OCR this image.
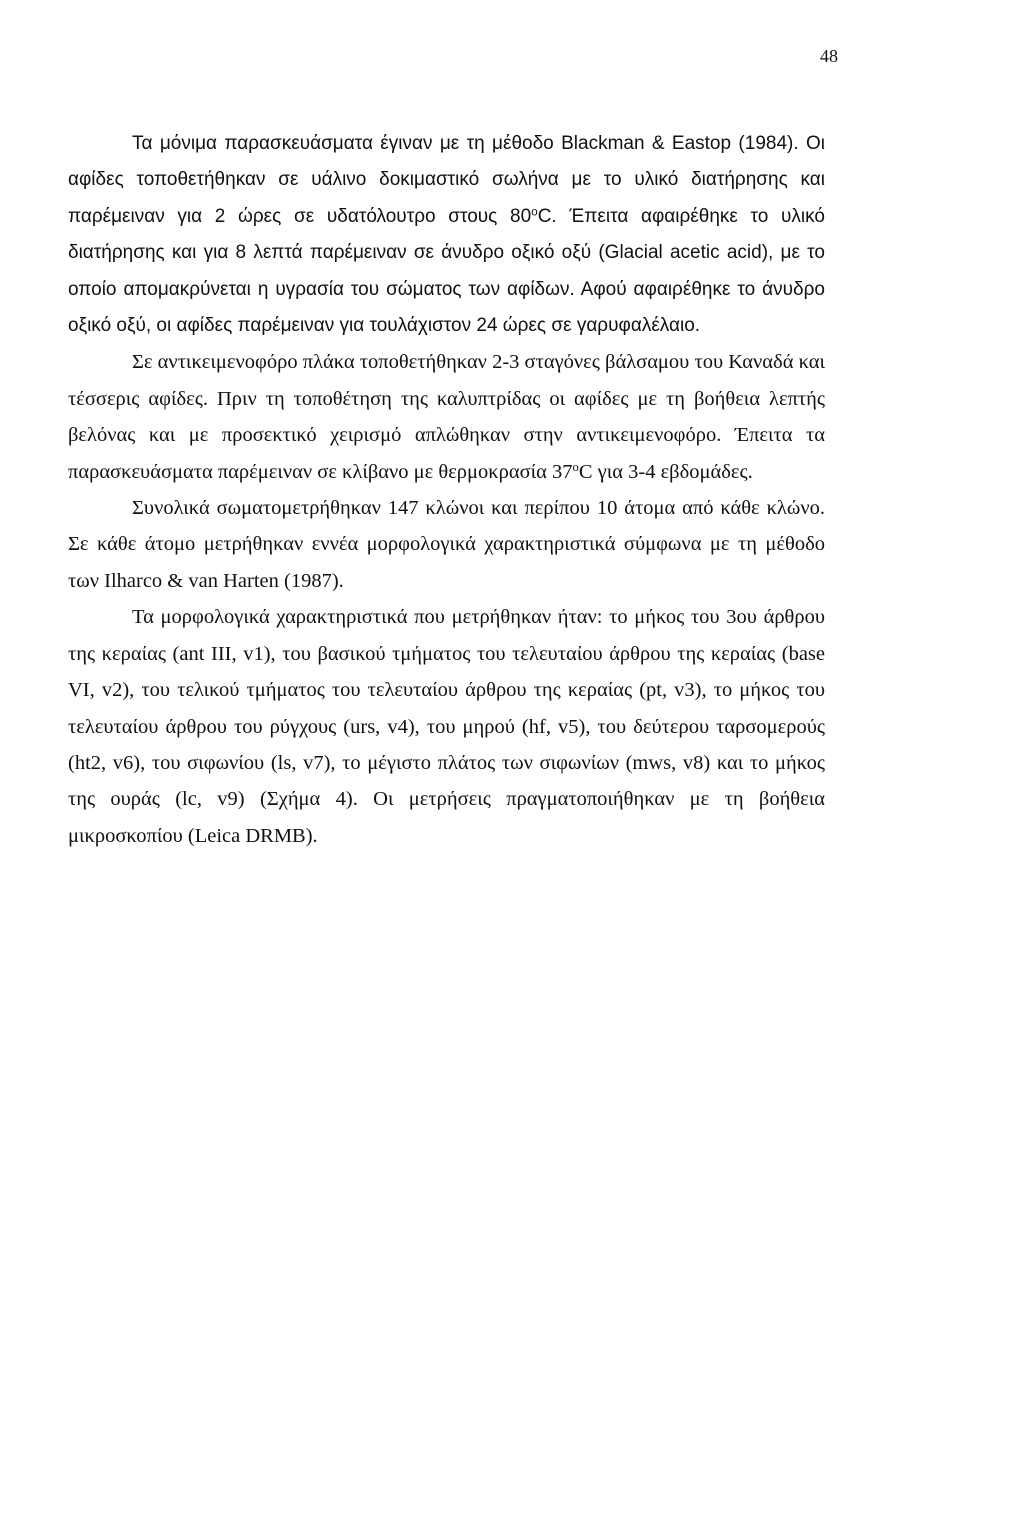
48

Τα μόνιμα παρασκευάσματα έγιναν με τη μέθοδο Blackman & Eastop (1984). Οι αφίδες τοποθετήθηκαν σε υάλινο δοκιμαστικό σωλήνα με το υλικό διατήρησης και παρέμειναν για 2 ώρες σε υδατόλουτρο στους $80^oC$. Έπειτα αφαιρέθηκε το υλικό διατήρησης και για 8 λεπτά παρέμειναν σε άνυδρο οξικό οξύ (Glacial acetic acid), με το οποίο απομακρύνεται η υγρασία του σώματος των αφίδων. Αφού αφαιρέθηκε το άνυδρο οξικό οξύ, οι αφίδες παρέμειναν για τουλάχιστον 24 ώρες σε γαρυφαλέλαιο.

Σε αντικειμενοφόρο πλάκα τοποθετήθηκαν 2-3 σταγόνες βάλσαμου του Καναδά και τέσσερις αφίδες. Πριν τη τοποθέτηση της καλυπτρίδας οι αφίδες με τη βοήθεια λεπτής βελόνας και με προσεκτικό χειρισμό απλώθηκαν στην αντικειμενοφόρο. Έπειτα τα παρασκευάσματα παρέμειναν σε κλίβανο με θερμοκρασία $37^oC$ για 3-4 εβδομάδες.

Συνολικά σωματομετρήθηκαν 147 κλώνοι και περίπου 10 άτομα από κάθε κλώνο. Σε κάθε άτομο μετρήθηκαν εννέα μορφολογικά χαρακτηριστικά σύμφωνα με τη μέθοδο των Ilharco & van Harten (1987).

Τα μορφολογικά χαρακτηριστικά που μετρήθηκαν ήταν: το μήκος του 3ου άρθρου της κεραίας (ant III, v1), του βασικού τμήματος του τελευταίου άρθρου της κεραίας (base VI, v2), του τελικού τμήματος του τελευταίου άρθρου της κεραίας (pt, v3), το μήκος του τελευταίου άρθρου του ρύγχους (urs, v4), του μηρού (hf, v5), του δεύτερου ταρσομερούς (ht2, v6), του σιφωνίου (ls, v7), το μέγιστο πλάτος των σιφωνίων (mws, v8) και το μήκος της ουράς (lc, v9) (Σχήμα 4). Οι μετρήσεις πραγματοποιήθηκαν με τη βοήθεια μικροσκοπίου (Leica DRMB).
